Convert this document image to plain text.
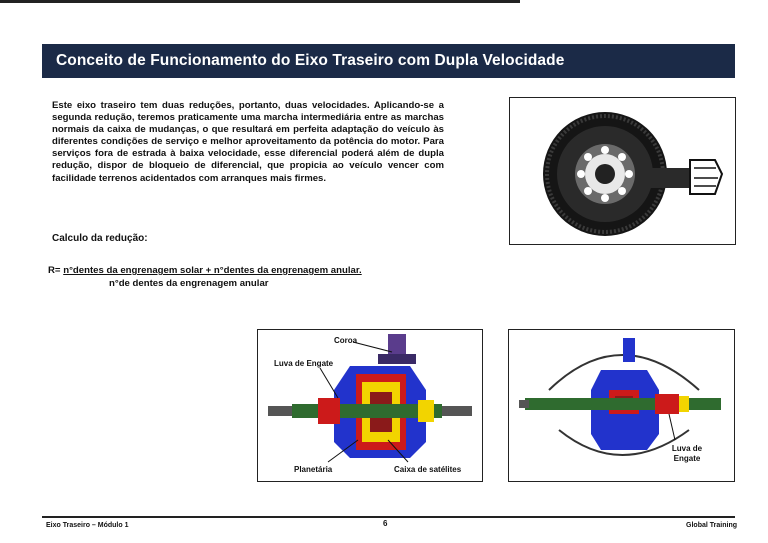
Conceito de Funcionamento do Eixo Traseiro com Dupla Velocidade
Este eixo traseiro tem duas reduções, portanto, duas velocidades. Aplicando-se a segunda redução, teremos praticamente uma marcha intermediária entre as marchas normais da caixa de mudanças, o que resultará em perfeita adaptação do veículo às diferentes condições de serviço e melhor aproveitamento da potência do motor. Para serviços fora de estrada à baixa velocidade, esse diferencial poderá além de dupla redução, dispor de bloqueio de diferencial, que propicia ao veículo vencer com facilidade terrenos acidentados com arranques mais firmes.
Calculo da redução:
R= n°dentes da engrenagem solar + n°dentes da engrenagem anular.
n°de dentes da engrenagem anular
Coroa
Luva de Engate
Planetária	Caixa de satélites
Luva de Engate
Eixo Traseiro – Módulo 1	6	Global Training
